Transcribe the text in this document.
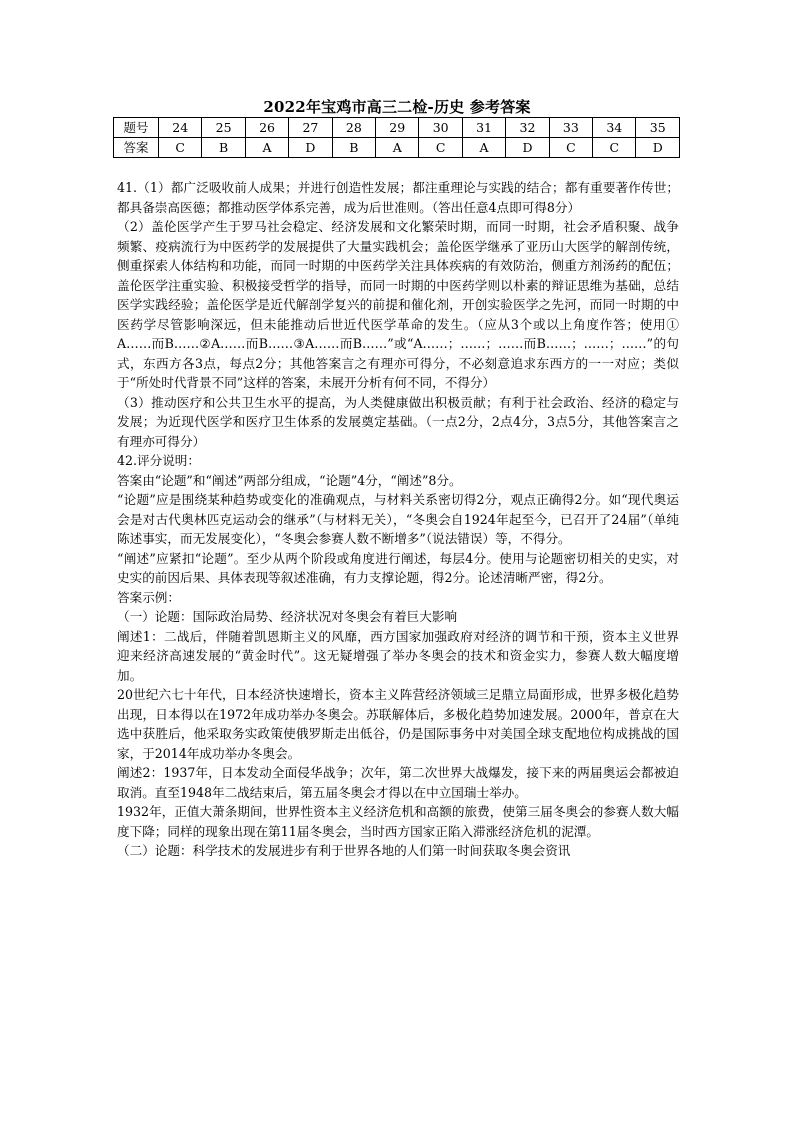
2022年宝鸡市高三二检-历史 参考答案
题号	24	25	26	27	28	29	30	31	32	33	34	35
答案	C	B	A	D	B	A	C	A	D	C	C	D

41.（1）都广泛吸收前人成果；并进行创造性发展；都注重理论与实践的结合；都有重要著作传世；都具备崇高医德；都推动医学体系完善，成为后世准则。（答出任意4点即可得8分）

（2）盖伦医学产生于罗马社会稳定、经济发展和文化繁荣时期，而同一时期，社会矛盾积聚、战争频繁、疫病流行为中医药学的发展提供了大量实践机会；盖伦医学继承了亚历山大医学的解剖传统，侧重探索人体结构和功能，而同一时期的中医药学关注具体疾病的有效防治，侧重方剂汤药的配伍；盖伦医学注重实验、积极接受哲学的指导，而同一时期的中医药学则以朴素的辩证思维为基础，总结医学实践经验；盖伦医学是近代解剖学复兴的前提和催化剂，开创实验医学之先河，而同一时期的中医药学尽管影响深远，但未能推动后世近代医学革命的发生。（应从3个或以上角度作答；使用①A……而B……②A……而B……③A……而B……”或“A……；……；……而B……；……；……”的句式，东西方各3点，每点2分；其他答案言之有理亦可得分，不必刻意追求东西方的一一对应；类似于“所处时代背景不同”这样的答案，未展开分析有何不同，不得分）

（3）推动医疗和公共卫生水平的提高，为人类健康做出积极贡献；有利于社会政治、经济的稳定与发展；为近现代医学和医疗卫生体系的发展奠定基础。（一点2分，2点4分，3点5分，其他答案言之有理亦可得分）

42.评分说明：

答案由“论题”和“阐述”两部分组成，“论题”4分，“阐述”8分。

“论题”应是围绕某种趋势或变化的准确观点，与材料关系密切得2分，观点正确得2分。如“现代奥运会是对古代奥林匹克运动会的继承”（与材料无关），“冬奥会自1924年起至今，已召开了24届”（单纯陈述事实，而无发展变化），“冬奥会参赛人数不断增多”（说法错误）等，不得分。

“阐述”应紧扣“论题”。至少从两个阶段或角度进行阐述，每层4分。使用与论题密切相关的史实，对史实的前因后果、具体表现等叙述准确，有力支撑论题，得2分。论述清晰严密，得2分。

答案示例：

（一）论题：国际政治局势、经济状况对冬奥会有着巨大影响

阐述1：二战后，伴随着凯恩斯主义的风靡，西方国家加强政府对经济的调节和干预，资本主义世界迎来经济高速发展的“黄金时代”。这无疑增强了举办冬奥会的技术和资金实力，参赛人数大幅度增加。

20世纪六七十年代，日本经济快速增长，资本主义阵营经济领域三足鼎立局面形成，世界多极化趋势出现，日本得以在1972年成功举办冬奥会。苏联解体后，多极化趋势加速发展。2000年，普京在大选中获胜后，他采取务实政策使俄罗斯走出低谷，仍是国际事务中对美国全球支配地位构成挑战的国家，于2014年成功举办冬奥会。

阐述2：1937年，日本发动全面侵华战争；次年，第二次世界大战爆发，接下来的两届奥运会都被迫取消。直至1948年二战结束后，第五届冬奥会才得以在中立国瑞士举办。

1932年，正值大萧条期间，世界性资本主义经济危机和高额的旅费，使第三届冬奥会的参赛人数大幅度下降；同样的现象出现在第11届冬奥会，当时西方国家正陷入滞涨经济危机的泥潭。

（二）论题：科学技术的发展进步有利于世界各地的人们第一时间获取冬奥会资讯
